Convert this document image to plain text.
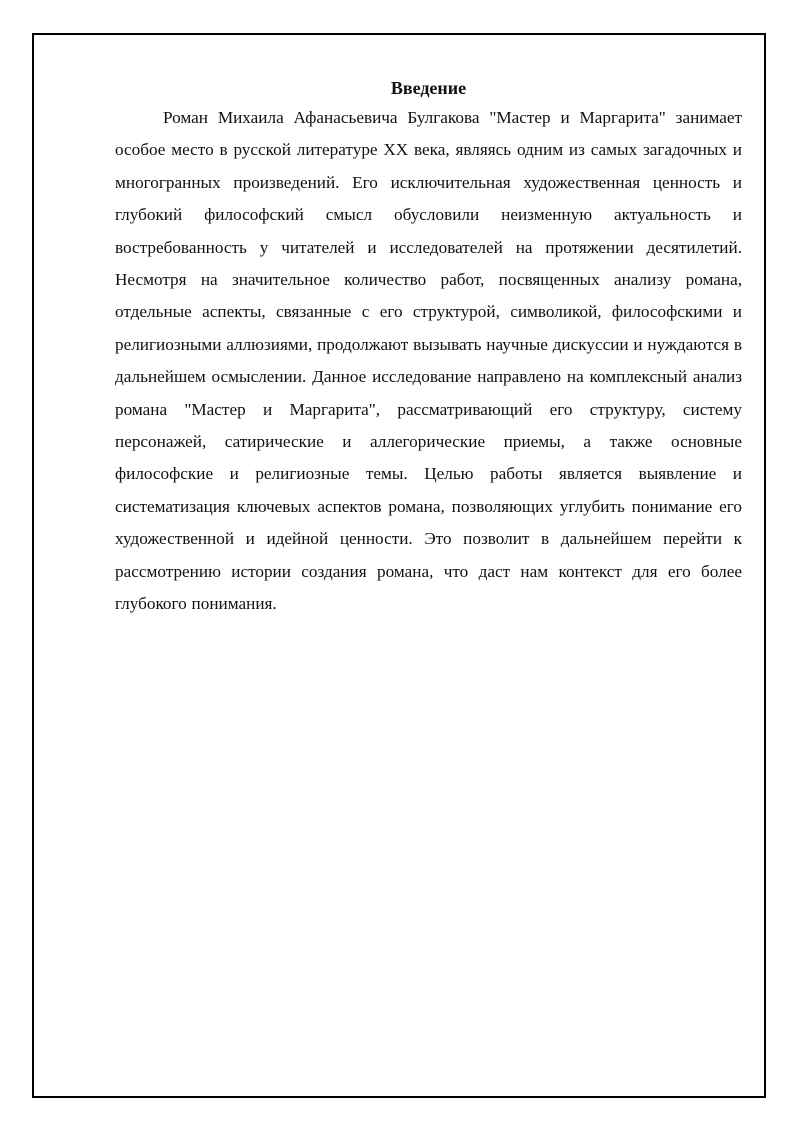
Введение

Роман Михаила Афанасьевича Булгакова "Мастер и Маргарита" занимает особое место в русской литературе XX века, являясь одним из самых загадочных и многогранных произведений. Его исключительная художественная ценность и глубокий философский смысл обусловили неизменную актуальность и востребованность у читателей и исследователей на протяжении десятилетий. Несмотря на значительное количество работ, посвященных анализу романа, отдельные аспекты, связанные с его структурой, символикой, философскими и религиозными аллюзиями, продолжают вызывать научные дискуссии и нуждаются в дальнейшем осмыслении. Данное исследование направлено на комплексный анализ романа "Мастер и Маргарита", рассматривающий его структуру, систему персонажей, сатирические и аллегорические приемы, а также основные философские и религиозные темы. Целью работы является выявление и систематизация ключевых аспектов романа, позволяющих углубить понимание его художественной и идейной ценности. Это позволит в дальнейшем перейти к рассмотрению истории создания романа, что даст нам контекст для его более глубокого понимания.
